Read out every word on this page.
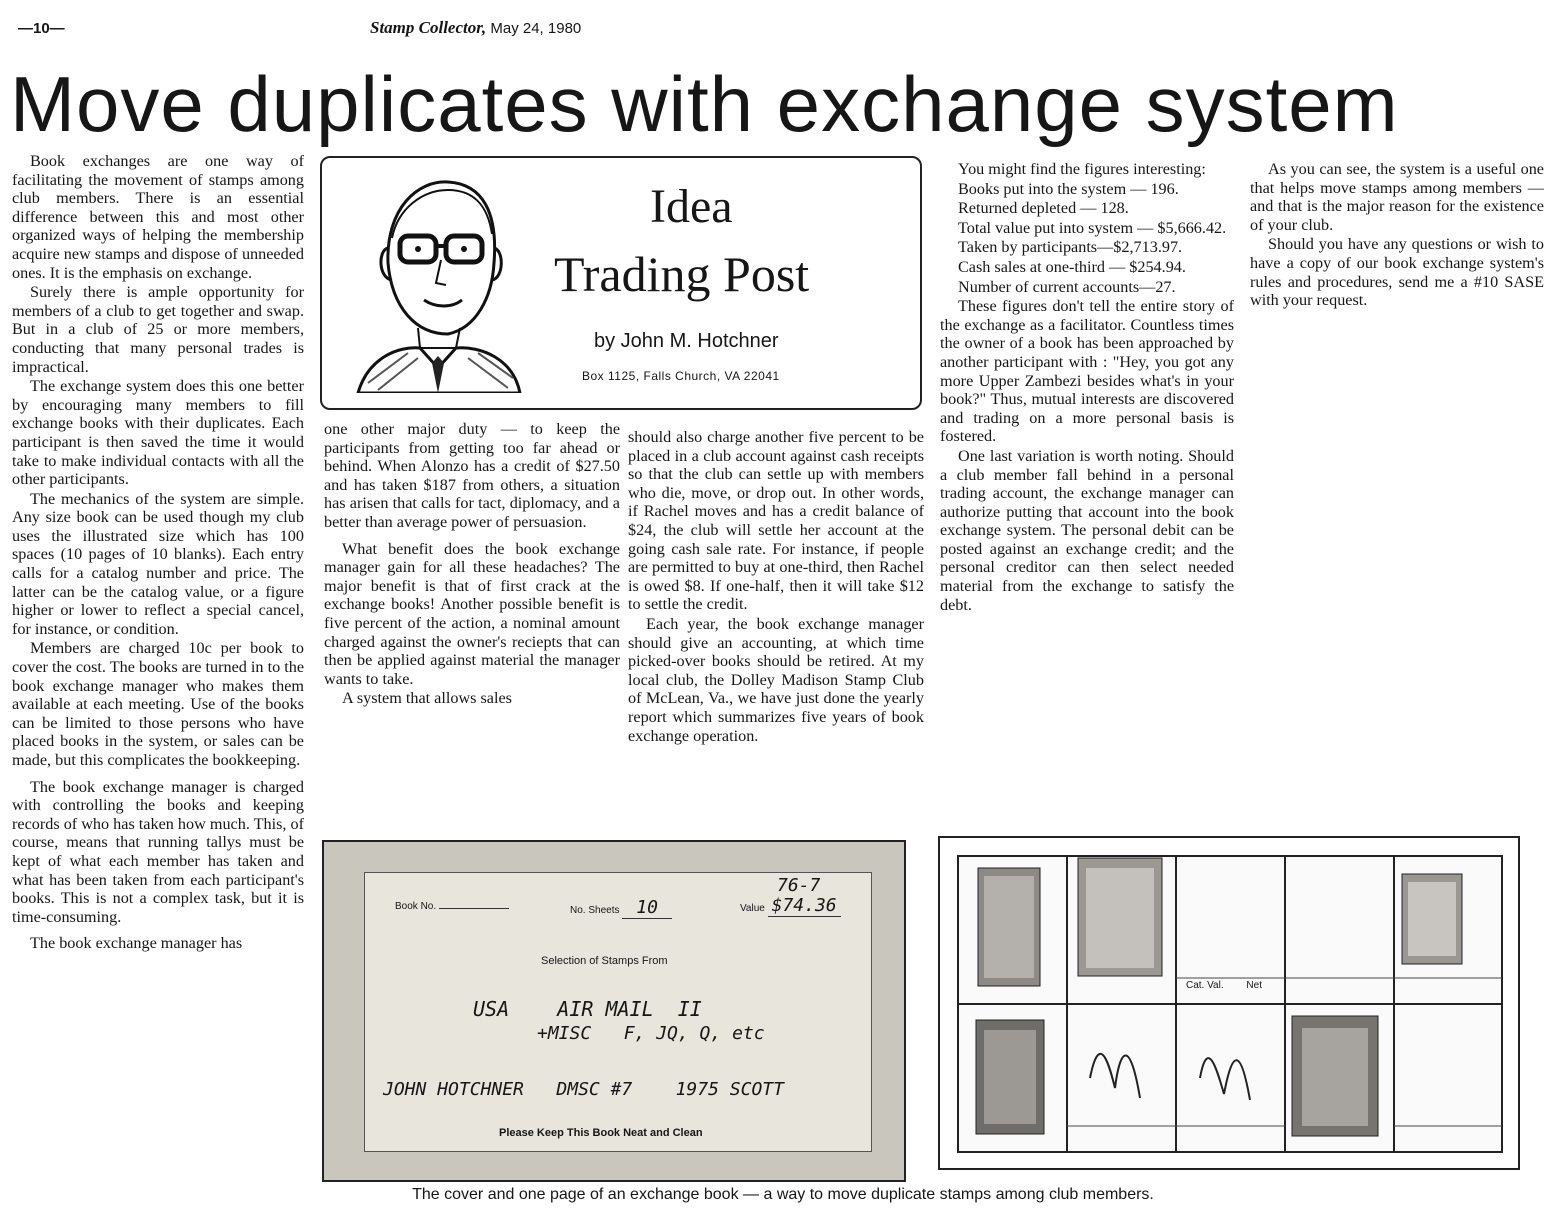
—10—	Stamp Collector, May 24, 1980
Move duplicates with exchange system

Book exchanges are one way of facilitating the movement of stamps among club members. There is an essential difference between this and most other organized ways of helping the membership acquire new stamps and dispose of unneeded ones. It is the emphasis on exchange.

Surely there is ample opportunity for members of a club to get together and swap. But in a club of 25 or more members, conducting that many personal trades is impractical.

The exchange system does this one better by encouraging many members to fill exchange books with their duplicates. Each participant is then saved the time it would take to make individual contacts with all the other participants.

The mechanics of the system are simple. Any size book can be used though my club uses the illustrated size which has 100 spaces (10 pages of 10 blanks). Each entry calls for a catalog number and price. The latter can be the catalog value, or a figure higher or lower to reflect a special cancel, for instance, or condition.

Members are charged 10c per book to cover the cost. The books are turned in to the book exchange manager who makes them available at each meeting. Use of the books can be limited to those persons who have placed books in the system, or sales can be made, but this complicates the bookkeeping.

The book exchange manager is charged with controlling the books and keeping records of who has taken how much. This, of course, means that running tallys must be kept of what each member has taken and what has been taken from each participant's books. This is not a complex task, but it is time-consuming.

The book exchange manager has

Idea
Trading Post
by John M. Hotchner
Box 1125, Falls Church, VA 22041

one other major duty — to keep the participants from getting too far ahead or behind. When Alonzo has a credit of $27.50 and has taken $187 from others, a situation has arisen that calls for tact, diplomacy, and a better than average power of persuasion.

What benefit does the book exchange manager gain for all these headaches? The major benefit is that of first crack at the exchange books! Another possible benefit is five percent of the action, a nominal amount charged against the owner's reciepts that can then be applied against material the manager wants to take.

A system that allows sales

should also charge another five percent to be placed in a club account against cash receipts so that the club can settle up with members who die, move, or drop out. In other words, if Rachel moves and has a credit balance of $24, the club will settle her account at the going cash sale rate. For instance, if people are permitted to buy at one-third, then Rachel is owed $8. If one-half, then it will take $12 to settle the credit.

Each year, the book exchange manager should give an accounting, at which time picked-over books should be retired. At my local club, the Dolley Madison Stamp Club of McLean, Va., we have just done the yearly report which summarizes five years of book exchange operation.

You might find the figures interesting:

Books put into the system — 196.

Returned depleted — 128.

Total value put into system — $5,666.42.

Taken by participants—$2,713.97.

Cash sales at one-third — $254.94.

Number of current accounts—27.

These figures don't tell the entire story of the exchange as a facilitator. Countless times the owner of a book has been approached by another participant with : "Hey, you got any more Upper Zambezi besides what's in your book?" Thus, mutual interests are discovered and trading on a more personal basis is fostered.

One last variation is worth noting. Should a club member fall behind in a personal trading account, the exchange manager can authorize putting that account into the book exchange system. The personal debit can be posted against an exchange credit; and the personal creditor can then select needed material from the exchange to satisfy the debt.

As you can see, the system is a useful one that helps move stamps among members — and that is the major reason for the existence of your club.

Should you have any questions or wish to have a copy of our book exchange system's rules and procedures, send me a #10 SASE with your request.

76-7
Book No.	No. Sheets 10	Value $74.36
Selection of Stamps From
USA    AIR MAIL  II
+MISC   F, JQ, Q, etc
JOHN HOTCHNER   DMSC #7    1975 SCOTT
Please Keep This Book Neat and Clean
Cat. Val. Net
The cover and one page of an exchange book — a way to move duplicate stamps among club members.
